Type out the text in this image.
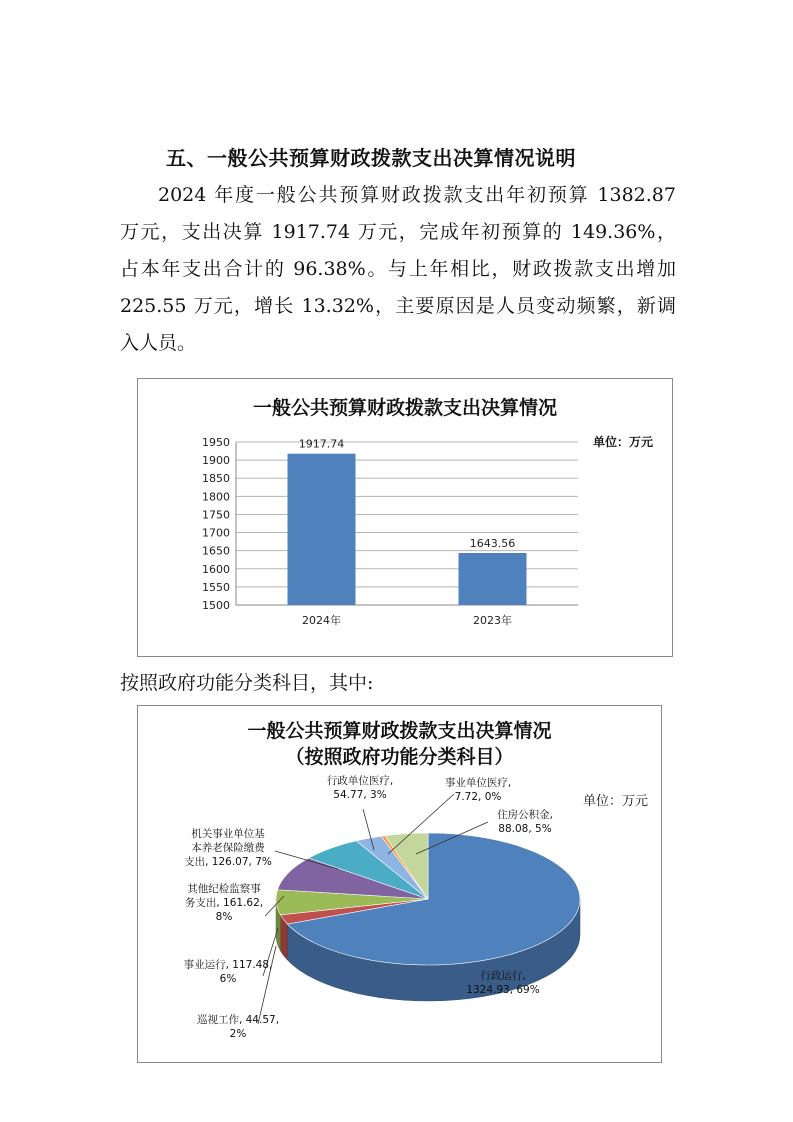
五、一般公共预算财政拨款支出决算情况说明
2024 年度一般公共预算财政拨款支出年初预算 1382.87
万元，支出决算 1917.74 万元，完成年初预算的 149.36%，
占本年支出合计的 96.38%。与上年相比，财政拨款支出增加
225.55 万元，增长 13.32%，主要原因是人员变动频繁，新调
入人员。
一般公共预算财政拨款支出决算情况
单位：万元
1500
1550
1600
1650
1700
1750
1800
1850
1900
1950	1917.74
2024年
1643.56
2023年
按照政府功能分类科目，其中:
一般公共预算财政拨款支出决算情况
（按照政府功能分类科目）
单位：万元
行政运行, 1324.93, 69%
巡视工作, 44.57, 2%
事业运行, 117.48, 6%
其他纪检监察事务支出, 161.62, 8%
机关事业单位基本养老保险缴费支出, 126.07, 7%
行政单位医疗, 54.77, 3%
事业单位医疗, 7.72, 0%
住房公积金, 88.08, 5%
